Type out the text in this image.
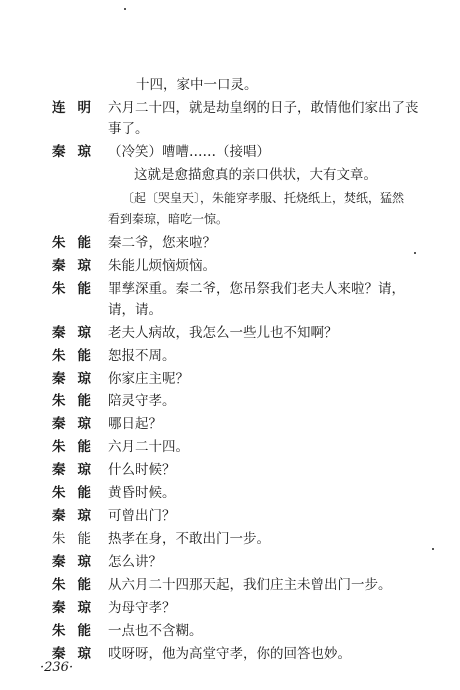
十四，家中一口灵。
连明 六月二十四，就是劫皇纲的日子，敢情他们家出了丧
事了。
秦琼 （冷笑）嘈嘈……（接唱）
这就是愈描愈真的亲口供状，大有文章。
〔起〔哭皇天〕，朱能穿孝服、托烧纸上，焚纸，猛然
看到秦琼，暗吃一惊。
朱能 秦二爷，您来啦？
秦琼 朱能儿烦恼烦恼。
朱能 罪孳深重。秦二爷，您吊祭我们老夫人来啦？请，
请，请。
秦琼 老夫人病故，我怎么一些儿也不知啊？
朱能 恕报不周。
秦琼 你家庄主呢？
朱能 陪灵守孝。
秦琼 哪日起？
朱能 六月二十四。
秦琼 什么时候？
朱能 黄昏时候。
秦琼 可曾出门？
朱能 热孝在身，不敢出门一步。
秦琼 怎么讲？
朱能 从六月二十四那天起，我们庄主未曾出门一步。
秦琼 为母守孝？
朱能 一点也不含糊。
秦琼 哎呀呀，他为高堂守孝，你的回答也妙。
·236·
